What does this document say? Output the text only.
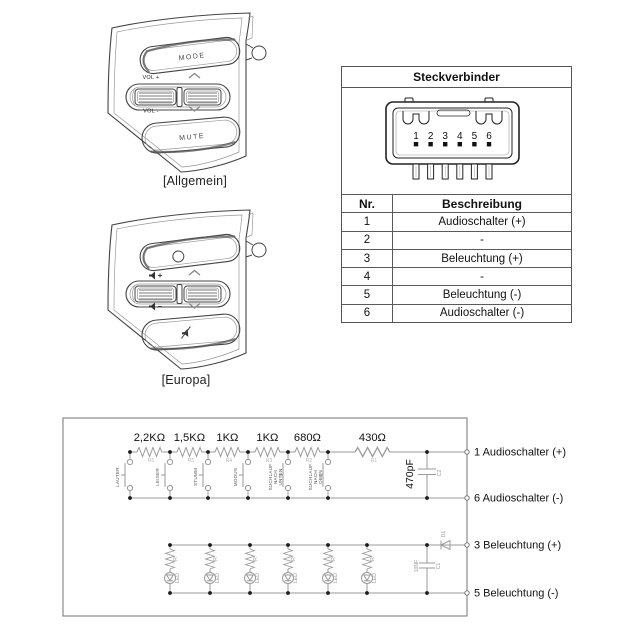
MODE
VOL +
VOL -
MUTE
[Allgemein]
[Europa]
Steckverbinder
1 2 3 4 5 6
Nr.	Beschreibung
1	Audioschalter (+)
2	-
3	Beleuchtung (+)
4	-
5	Beleuchtung (-)
6	Audioschalter (-)
2,2KΩ 1,5KΩ 1KΩ 1KΩ 680Ω	430Ω
R6	R5	R4	R3	R2	R1
LAUTER	LEISER	STUMM	MODUS	SUCHLAUFNACHUNTEN	SUCHLAUFNACHOBEN	470pF	C2
R	R	R	R	R	R
LED	LED	LED	LED	LED	LED
10NF	C1
D1
1 Audioschalter (+)
6 Audioschalter (-)
3 Beleuchtung (+)
5 Beleuchtung (-)
